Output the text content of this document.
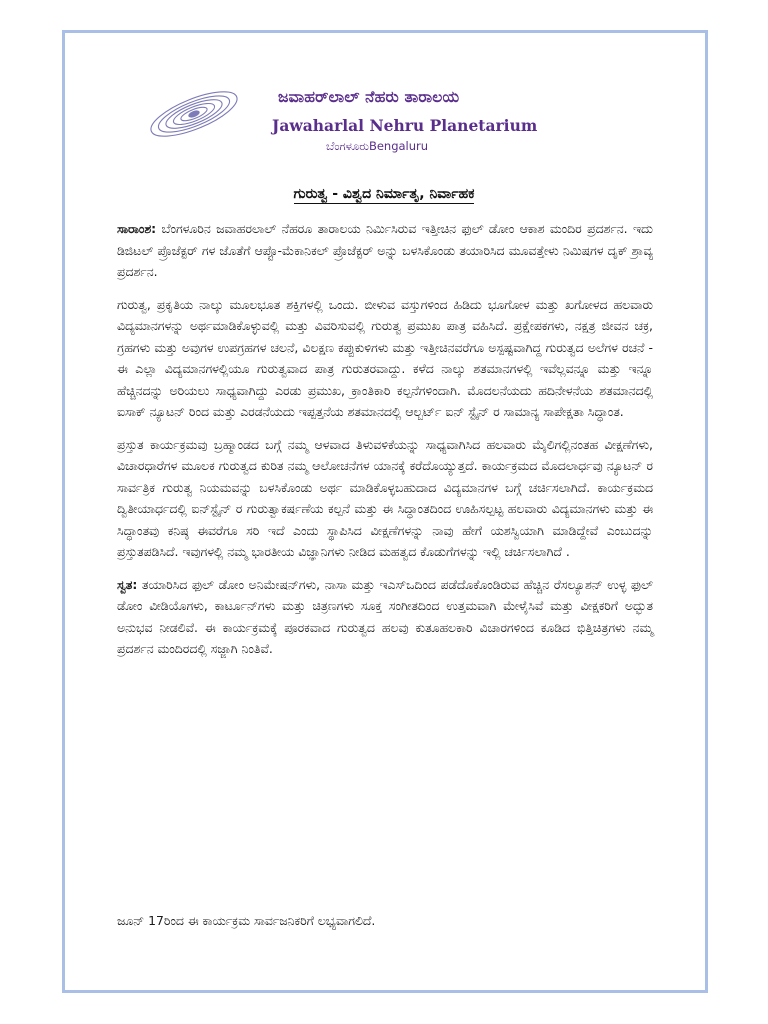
ಜವಾಹರ್‌ಲಾಲ್ ನೆಹರು ತಾರಾಲಯ
Jawaharlal Nehru Planetarium
ಬೆಂಗಳೂರುBengaluru
ಗುರುತ್ವ - ವಿಶ್ವದ ನಿರ್ಮಾತೃ, ನಿರ್ವಾಹಕ

ಸಾರಾಂಶ: ಬೆಂಗಳೂರಿನ ಜವಾಹರಲಾಲ್ ನೆಹರೂ ತಾರಾಲಯ ನಿರ್ಮಿಸಿರುವ ಇತ್ತೀಚಿನ ಫುಲ್ ಡೋಂ ಆಕಾಶ ಮಂದಿರ ಪ್ರದರ್ಶನ. ಇದು ಡಿಜಿಟಲ್ ಪ್ರೊಜೆಕ್ಟರ್ ಗಳ ಜೊತೆಗೆ ಆಪ್ಟೊ-ಮೆಕಾನಿಕಲ್ ಪ್ರೊಜೆಕ್ಟರ್ ಅನ್ನು ಬಳಸಿಕೊಂಡು ತಯಾರಿಸಿದ ಮೂವತ್ತೇಳು ನಿಮಿಷಗಳ ದೃಕ್ ಶ್ರಾವ್ಯ ಪ್ರದರ್ಶನ.

ಗುರುತ್ವ, ಪ್ರಕೃತಿಯ ನಾಲ್ಕು ಮೂಲಭೂತ ಶಕ್ತಿಗಳಲ್ಲಿ ಒಂದು. ಬೀಳುವ ವಸ್ತುಗಳಿಂದ ಹಿಡಿದು ಭೂಗೋಳ ಮತ್ತು ಖಗೋಳದ ಹಲವಾರು ವಿದ್ಯಮಾನಗಳನ್ನು ಅರ್ಥಮಾಡಿಕೊಳ್ಳುವಲ್ಲಿ ಮತ್ತು ವಿವರಿಸುವಲ್ಲಿ ಗುರುತ್ವ ಪ್ರಮುಖ ಪಾತ್ರ ವಹಿಸಿದೆ. ಪ್ರಕ್ಷೇಪಕಗಳು, ನಕ್ಷತ್ರ ಜೀವನ ಚಕ್ರ, ಗ್ರಹಗಳು ಮತ್ತು ಅವುಗಳ ಉಪಗ್ರಹಗಳ ಚಲನೆ, ವಿಲಕ್ಷಣ ಕಪ್ಪುಕುಳಿಗಳು ಮತ್ತು ಇತ್ತೀಚಿನವರೆಗೂ ಅಸ್ಪಷ್ಟವಾಗಿದ್ದ ಗುರುತ್ವದ ಅಲೆಗಳ ರಚನೆ - ಈ ಎಲ್ಲಾ ವಿದ್ಯಮಾನಗಳಲ್ಲಿಯೂ ಗುರುತ್ವವಾದ ಪಾತ್ರ ಗುರುತರವಾದ್ದು. ಕಳೆದ ನಾಲ್ಕು ಶತಮಾನಗಳಲ್ಲಿ ಇವೆಲ್ಲವನ್ನೂ ಮತ್ತು ಇನ್ನೂ ಹೆಚ್ಚಿನದನ್ನು ಅರಿಯಲು ಸಾಧ್ಯವಾಗಿದ್ದು ಎರಡು ಪ್ರಮುಖ, ಕ್ರಾಂತಿಕಾರಿ ಕಲ್ಪನೆಗಳಿಂದಾಗಿ. ಮೊದಲನೆಯದು ಹದಿನೇಳನೆಯ ಶತಮಾನದಲ್ಲಿ ಐಸಾಕ್ ನ್ಯೂಟನ್ ರಿಂದ ಮತ್ತು ಎರಡನೆಯದು ಇಪ್ಪತ್ತನೆಯ ಶತಮಾನದಲ್ಲಿ ಆಲ್ಬರ್ಟ್ ಐನ್ ಸ್ಟೈನ್ ರ ಸಾಮಾನ್ಯ ಸಾಪೇಕ್ಷತಾ ಸಿದ್ಧಾಂತ.

ಪ್ರಸ್ತುತ ಕಾರ್ಯಕ್ರಮವು ಬ್ರಹ್ಮಾಂಡದ ಬಗ್ಗೆ ನಮ್ಮ ಆಳವಾದ ತಿಳುವಳಿಕೆಯನ್ನು ಸಾಧ್ಯವಾಗಿಸಿದ ಹಲವಾರು ಮೈಲಿಗಲ್ಲಿನಂತಹ ವೀಕ್ಷಣೆಗಳು, ವಿಚಾರಧಾರೆಗಳ ಮೂಲಕ ಗುರುತ್ವದ ಕುರಿತ ನಮ್ಮ ಆಲೋಚನೆಗಳ ಯಾನಕ್ಕೆ ಕರೆದೊಯ್ಯುತ್ತದೆ. ಕಾರ್ಯಕ್ರಮದ ಮೊದಲಾರ್ಧವು ನ್ಯೂಟನ್ ರ ಸಾರ್ವತ್ರಿಕ ಗುರುತ್ವ ನಿಯಮವನ್ನು ಬಳಸಿಕೊಂಡು ಅರ್ಥ ಮಾಡಿಕೊಳ್ಳಬಹುದಾದ ವಿದ್ಯಮಾನಗಳ ಬಗ್ಗೆ ಚರ್ಚಿಸಲಾಗಿದೆ. ಕಾರ್ಯಕ್ರಮದ ದ್ವಿತೀಯಾರ್ಧದಲ್ಲಿ ಐನ್‌ಸ್ಟೈನ್ ರ ಗುರುತ್ವಾಕರ್ಷಣೆಯ ಕಲ್ಪನೆ ಮತ್ತು ಈ ಸಿದ್ಧಾಂತದಿಂದ ಊಹಿಸಲ್ಪಟ್ಟ ಹಲವಾರು ವಿದ್ಯಮಾನಗಳು ಮತ್ತು ಈ ಸಿದ್ಧಾಂತವು ಕನಿಷ್ಠ ಈವರೆಗೂ ಸರಿ ಇದೆ ಎಂದು ಸ್ಥಾಪಿಸಿದ ವೀಕ್ಷಣೆಗಳನ್ನು ನಾವು ಹೇಗೆ ಯಶಸ್ವಿಯಾಗಿ ಮಾಡಿದ್ದೇವೆ ಎಂಬುದನ್ನು ಪ್ರಸ್ತುತಪಡಿಸಿದೆ. ಇವುಗಳಲ್ಲಿ ನಮ್ಮ ಭಾರತೀಯ ವಿಜ್ಞಾನಿಗಳು ನೀಡಿದ ಮಹತ್ವದ ಕೊಡುಗೆಗಳನ್ನು ಇಲ್ಲಿ ಚರ್ಚಿಸಲಾಗಿದೆ .

ಸ್ವತ: ತಯಾರಿಸಿದ ಫುಲ್ ಡೋಂ ಅನಿಮೇಷನ್‌ಗಳು, ನಾಸಾ ಮತ್ತು ಇಎಸ್ಒದಿಂದ ಪಡೆದೊಕೊಂಡಿರುವ ಹೆಚ್ಚಿನ ರೆಸಲ್ಯೂಶನ್ ಉಳ್ಳ ಫುಲ್ ಡೋಂ ವೀಡಿಯೊಗಳು, ಕಾರ್ಟೂನ್‌ಗಳು ಮತ್ತು ಚಿತ್ರಣಗಳು ಸೂಕ್ತ ಸಂಗೀತದಿಂದ ಉತ್ತಮವಾಗಿ ಮೇಳೈಸಿವೆ ಮತ್ತು ವೀಕ್ಷಕರಿಗೆ ಅದ್ಭುತ ಅನುಭವ ನೀಡಲಿವೆ. ಈ ಕಾರ್ಯಕ್ರಮಕ್ಕೆ ಪೂರಕವಾದ ಗುರುತ್ವದ ಹಲವು ಕುತೂಹಲಕಾರಿ ವಿಚಾರಗಳಿಂದ ಕೂಡಿದ ಭಿತ್ತಿಚಿತ್ರಗಳು ನಮ್ಮ ಪ್ರದರ್ಶನ ಮಂದಿರದಲ್ಲಿ ಸಜ್ಜಾಗಿ ನಿಂತಿವೆ.

ಜೂನ್ 17ರಿಂದ ಈ ಕಾರ್ಯಕ್ರಮ ಸಾರ್ವಜನಿಕರಿಗೆ ಲಭ್ಯವಾಗಲಿದೆ.
